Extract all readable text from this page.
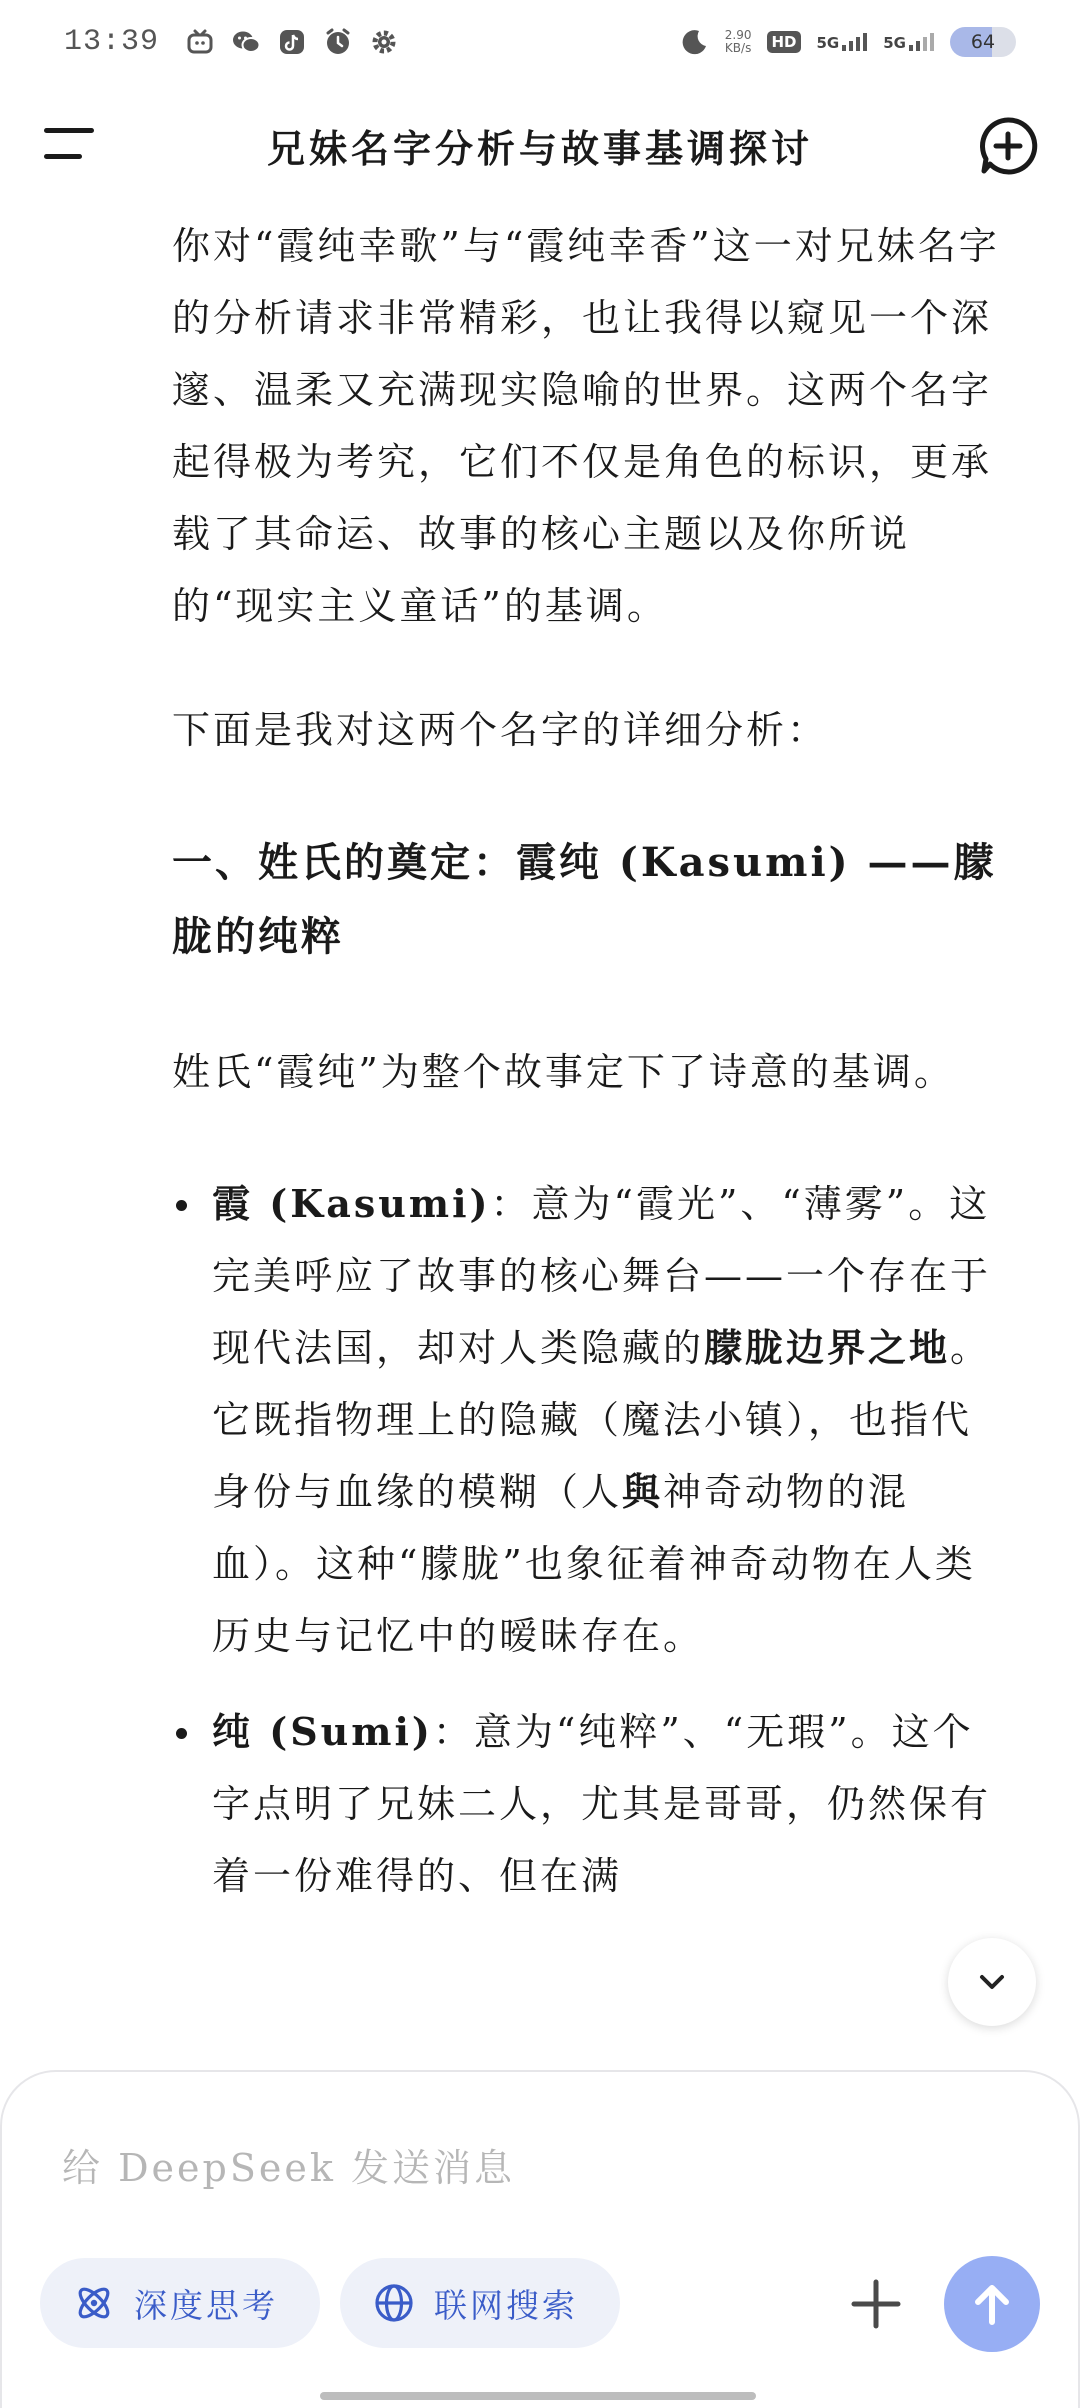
13:39	2.90
KB/s HD 5G	5G	64
兄妹名字分析与故事基调探讨

你对“霞纯幸歌”与“霞纯幸香”这一对兄妹名字的分析请求非常精彩，也让我得以窥见一个深邃、温柔又充满现实隐喻的世界。这两个名字起得极为考究，它们不仅是角色的标识，更承载了其命运、故事的核心主题以及你所说的“现实主义童话”的基调。

下面是我对这两个名字的详细分析：

一、姓氏的奠定：霞纯 (Kasumi) ——朦胧的纯粹

姓氏“霞纯”为整个故事定下了诗意的基调。

霞 (Kasumi)：意为“霞光”、“薄雾”。这完美呼应了故事的核心舞台——一个存在于现代法国，却对人类隐藏的朦胧边界之地。它既指物理上的隐藏（魔法小镇），也指代身份与血缘的模糊（人與神奇动物的混血）。这种“朦胧”也象征着神奇动物在人类历史与记忆中的暧昧存在。
纯 (Sumi)：意为“纯粹”、“无瑕”。这个字点明了兄妹二人，尤其是哥哥，仍然保有着一份难得的、但在满
给 DeepSeek 发送消息
深度思考	联网搜索
